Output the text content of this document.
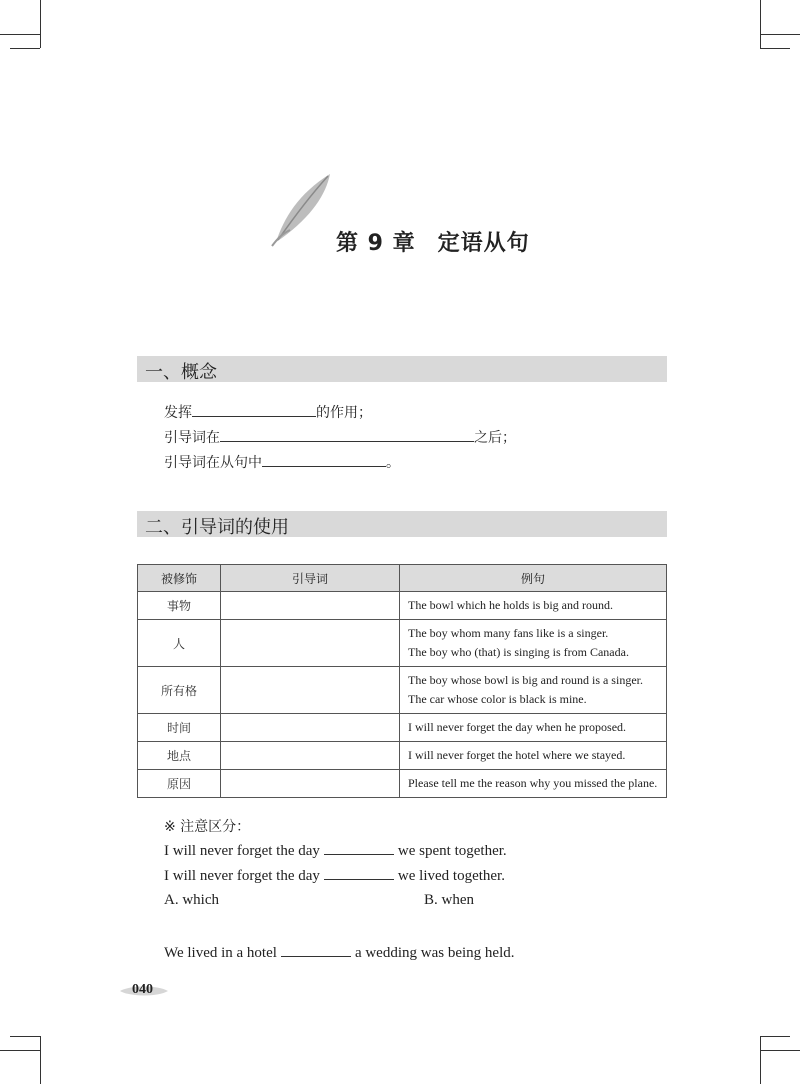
第 9 章 定语从句
一、概念
发挥	的作用；
引导词在	之后；
引导词在从句中	。
二、引导词的使用
被修饰	引导词	例句
事物		The bowl which he holds is big and round.

人		The boy whom many fans like is a singer.
The boy who (that) is singing is from Canada.

所有格		The boy whose bowl is big and round is a singer.
The car whose color is black is mine.

时间		I will never forget the day when he proposed.

地点		I will never forget the hotel where we stayed.

原因		Please tell me the reason why you missed the plane.
※ 注意区分：
I will never forget the day	we spent together.
I will never forget the day	we lived together.
A. which	B. when
We lived in a hotel	a wedding was being held.
040
